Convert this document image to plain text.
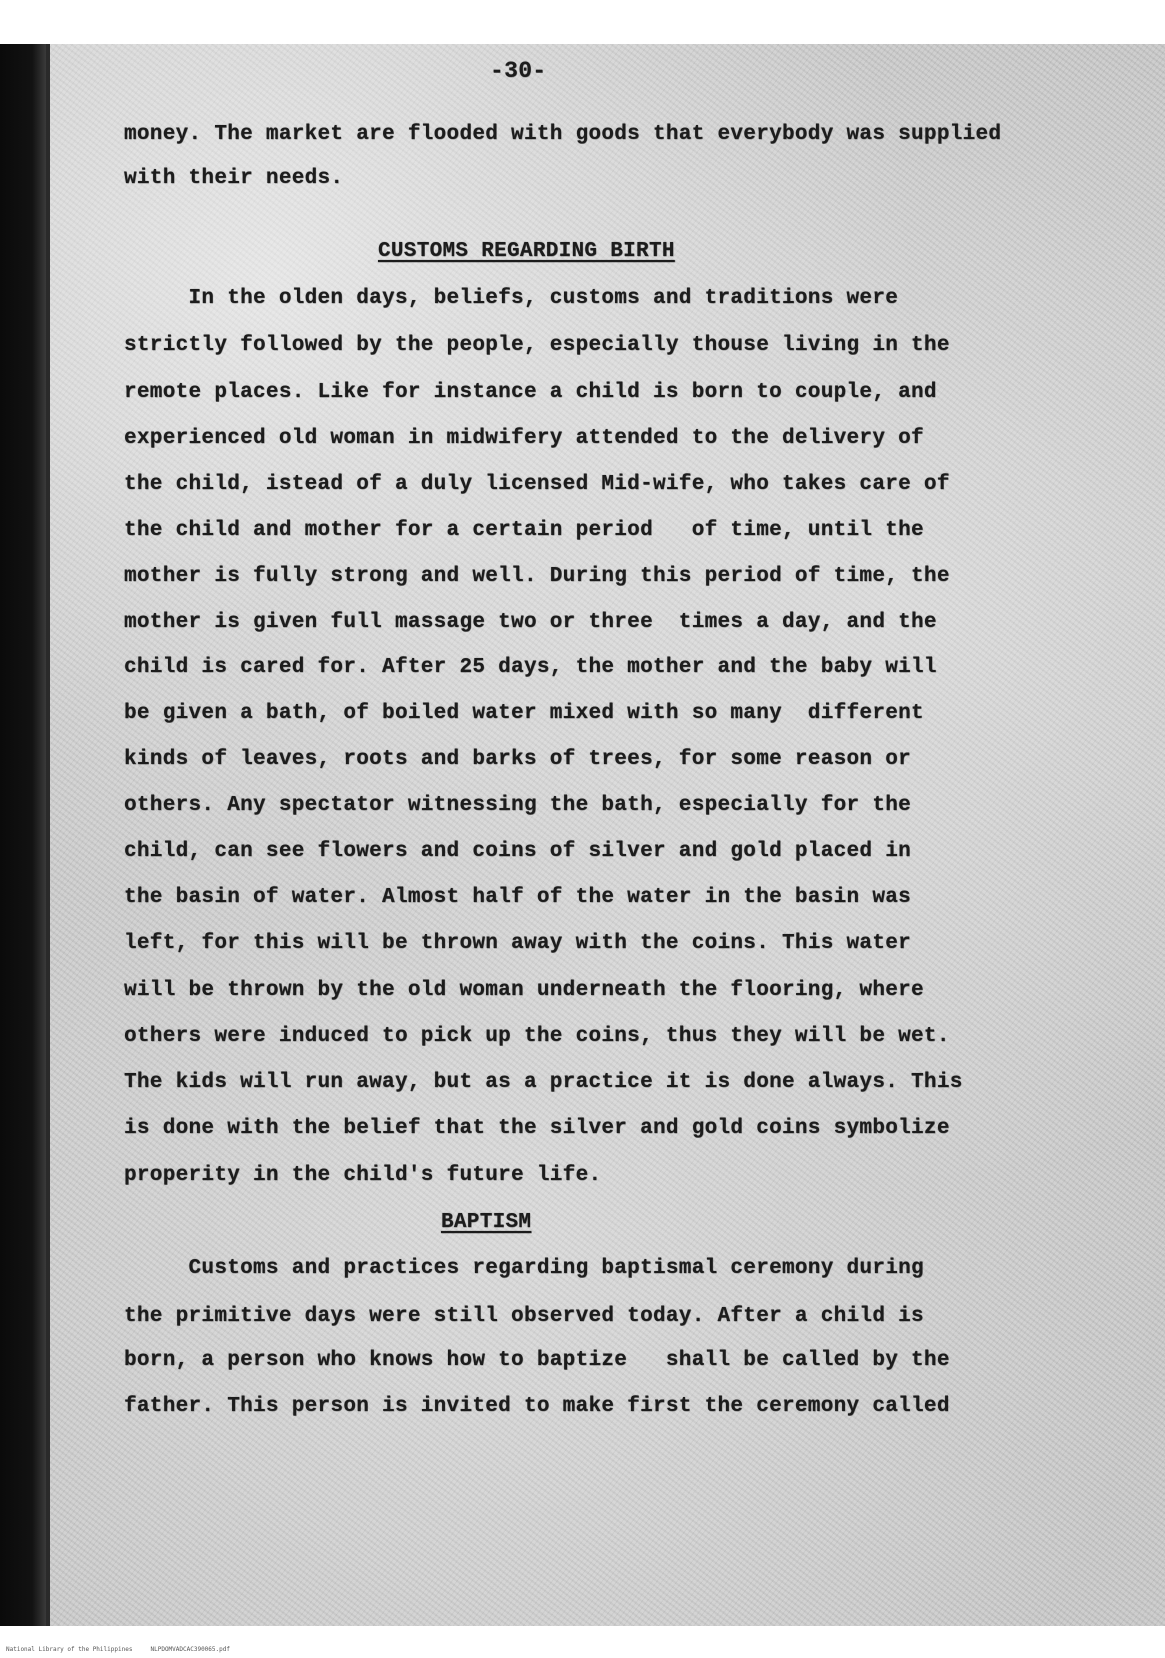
-30-
money. The market are flooded with goods that everybody was supplied
with their needs.
CUSTOMS REGARDING BIRTH
In the olden days, beliefs, customs and traditions were
strictly followed by the people, especially thouse living in the
remote places. Like for instance a child is born to couple, and
experienced old woman in midwifery attended to the delivery of
the child, istead of a duly licensed Mid-wife, who takes care of
the child and mother for a certain period   of time, until the
mother is fully strong and well. During this period of time, the
mother is given full massage two or three  times a day, and the
child is cared for. After 25 days, the mother and the baby will
be given a bath, of boiled water mixed with so many  different
kinds of leaves, roots and barks of trees, for some reason or
others. Any spectator witnessing the bath, especially for the
child, can see flowers and coins of silver and gold placed in
the basin of water. Almost half of the water in the basin was
left, for this will be thrown away with the coins. This water
will be thrown by the old woman underneath the flooring, where
others were induced to pick up the coins, thus they will be wet.
The kids will run away, but as a practice it is done always. This
is done with the belief that the silver and gold coins symbolize
properity in the child's future life.
BAPTISM
Customs and practices regarding baptismal ceremony during
the primitive days were still observed today. After a child is
born, a person who knows how to baptize   shall be called by the
father. This person is invited to make first the ceremony called
National Library of the Philippines     NLPDOMVADCAC390065.pdf
